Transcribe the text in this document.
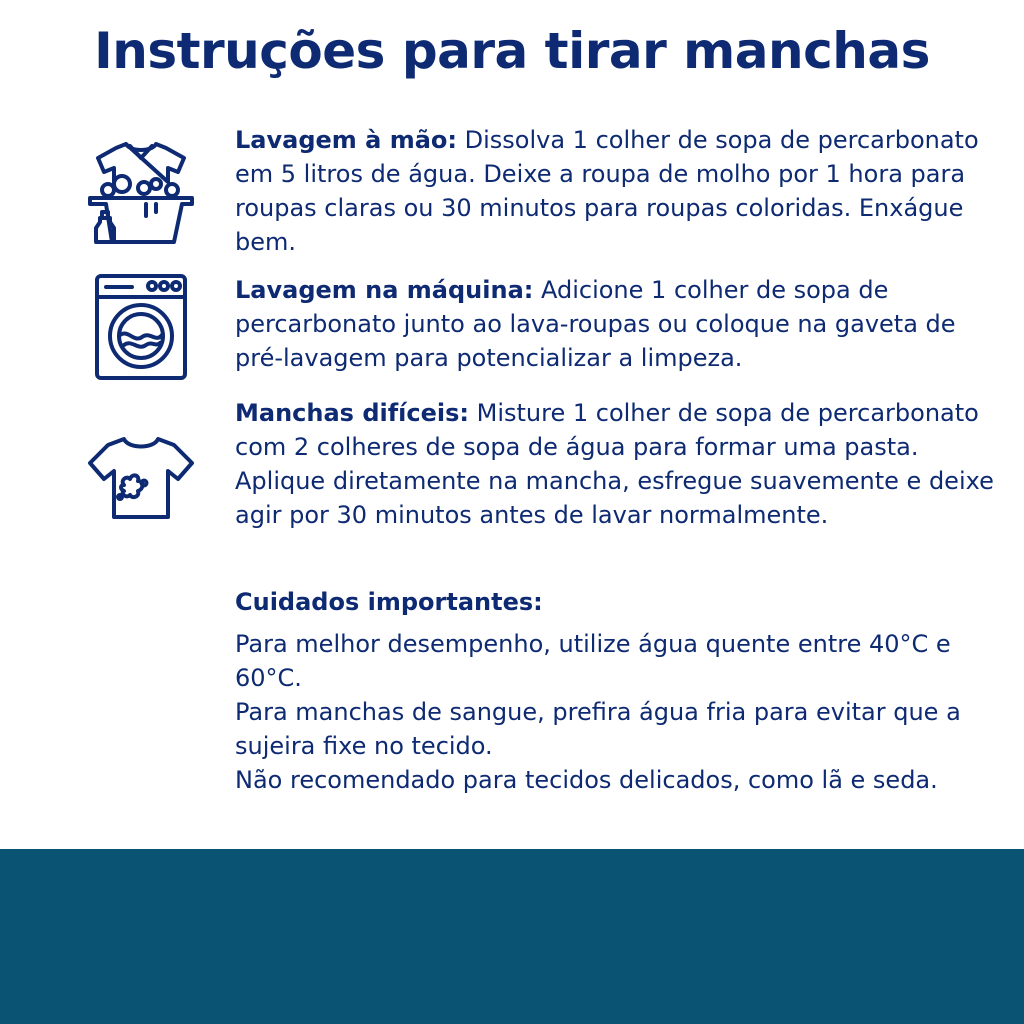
Instruções para tirar manchas

Lavagem à mão: Dissolva 1 colher de sopa de percarbonato em 5 litros de água. Deixe a roupa de molho por 1 hora para roupas claras ou 30 minutos para roupas coloridas. Enxágue bem.

Lavagem na máquina: Adicione 1 colher de sopa de percarbonato junto ao lava-roupas ou coloque na gaveta de pré-lavagem para potencializar a limpeza.

Manchas difíceis: Misture 1 colher de sopa de percarbonato com 2 colheres de sopa de água para formar uma pasta. Aplique diretamente na mancha, esfregue suavemente e deixe agir por 30 minutos antes de lavar normalmente.

Cuidados importantes:

Para melhor desempenho, utilize água quente entre 40°C e 60°C.

Para manchas de sangue, prefira água fria para evitar que a sujeira fixe no tecido.

Não recomendado para tecidos delicados, como lã e seda.
